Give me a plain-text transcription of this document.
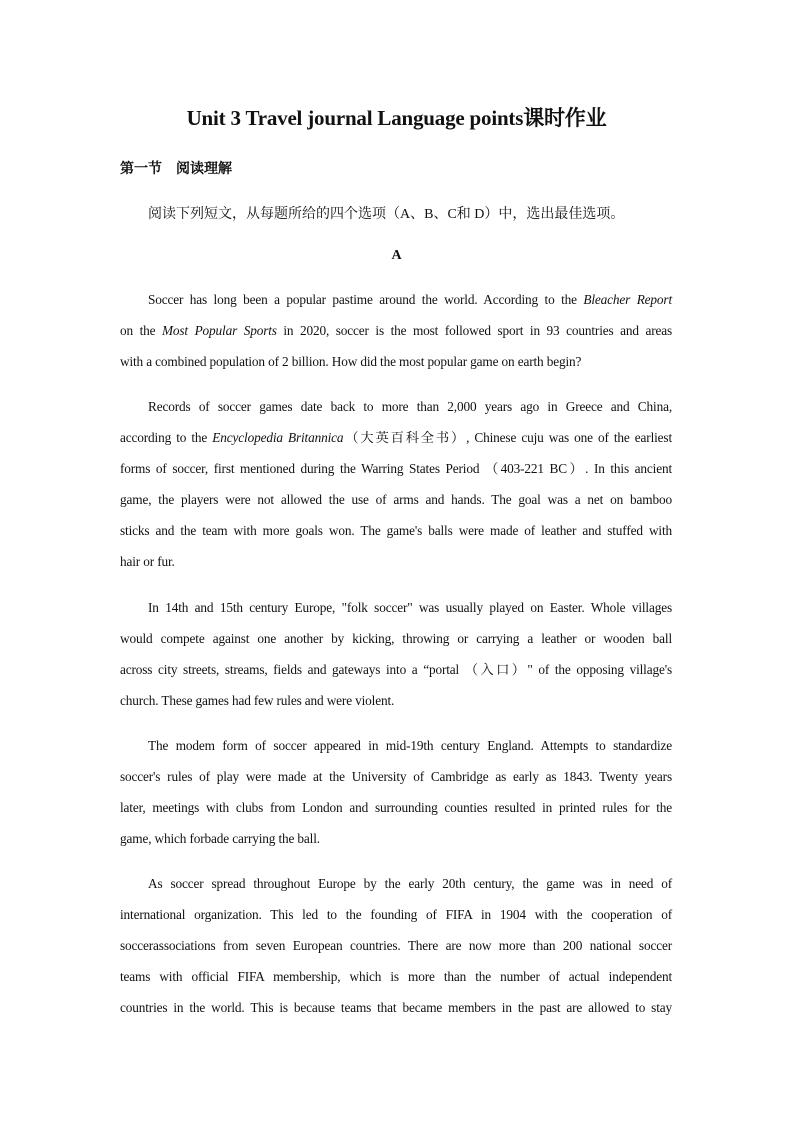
Unit 3 Travel journal Language points课时作业
第一节　阅读理解
阅读下列短文，从每题所给的四个选项（A、B、C和 D）中，选出最佳选项。
A
Soccer has long been a popular pastime around the world. According to the Bleacher Report
on the Most Popular Sports in 2020, soccer is the most followed sport in 93 countries and areas
with a combined population of 2 billion. How did the most popular game on earth begin?
Records of soccer games date back to more than 2,000 years ago in Greece and China,
according to the Encyclopedia Britannica（大英百科全书）, Chinese cuju was one of the earliest
forms of soccer, first mentioned during the Warring States Period （403-221 BC）. In this ancient
game, the players were not allowed the use of arms and hands. The goal was a net on bamboo
sticks and the team with more goals won. The game's balls were made of leather and stuffed with
hair or fur.
In 14th and 15th century Europe, "folk soccer" was usually played on Easter. Whole villages
would compete against one another by kicking, throwing or carrying a leather or wooden ball
across city streets, streams, fields and gateways into a “portal （入口）" of the opposing village's
church. These games had few rules and were violent.
The modem form of soccer appeared in mid-19th century England. Attempts to standardize
soccer's rules of play were made at the University of Cambridge as early as 1843. Twenty years
later, meetings with clubs from London and surrounding counties resulted in printed rules for the
game, which forbade carrying the ball.
As soccer spread throughout Europe by the early 20th century, the game was in need of
international organization. This led to the founding of FIFA in 1904 with the cooperation of
soccerassociations from seven European countries. There are now more than 200 national soccer
teams with official FIFA membership, which is more than the number of actual independent
countries in the world. This is because teams that became members in the past are allowed to stay
